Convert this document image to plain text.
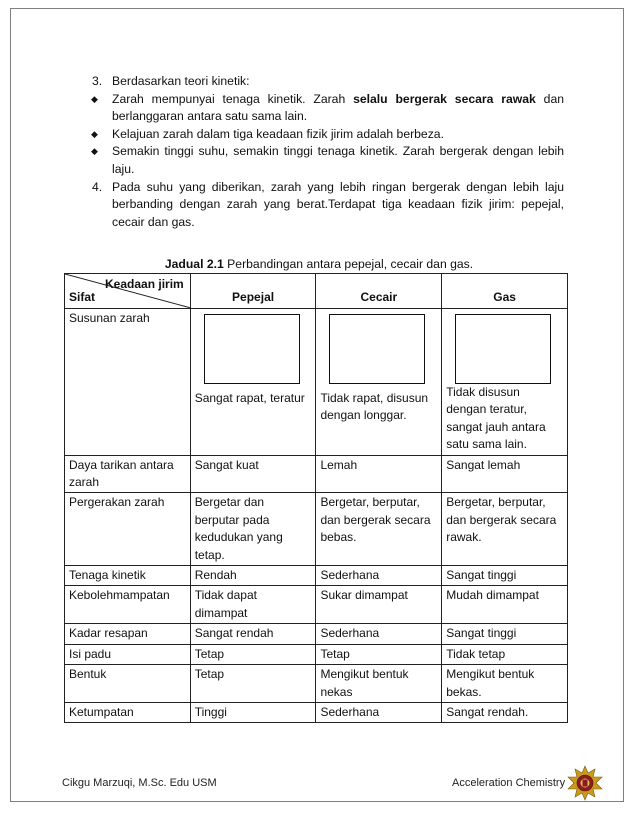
3. Berdasarkan teori kinetik:
◆ Zarah mempunyai tenaga kinetik. Zarah selalu bergerak secara rawak dan berlanggaran antara satu sama lain.
◆ Kelajuan zarah dalam tiga keadaan fizik jirim adalah berbeza.
◆ Semakin tinggi suhu, semakin tinggi tenaga kinetik. Zarah bergerak dengan lebih laju.
4. Pada suhu yang diberikan, zarah yang lebih ringan bergerak dengan lebih laju berbanding dengan zarah yang berat.Terdapat tiga keadaan fizik jirim: pepejal, cecair dan gas.
Jadual 2.1 Perbandingan antara pepejal, cecair dan gas.
Keadaan jirim
Sifat	Pepejal	Cecair	Gas
Susunan zarah	Sangat rapat, teratur	Tidak rapat, disusun dengan longgar.	Tidak disusun dengan teratur, sangat jauh antara satu sama lain.
Daya tarikan antara zarah	Sangat kuat	Lemah	Sangat lemah
Pergerakan zarah	Bergetar dan berputar pada kedudukan yang tetap.	Bergetar, berputar, dan bergerak secara bebas.	Bergetar, berputar, dan bergerak secara rawak.
Tenaga kinetik	Rendah	Sederhana	Sangat tinggi
Kebolehmampatan	Tidak dapat dimampat	Sukar dimampat	Mudah dimampat
Kadar resapan	Sangat rendah	Sederhana	Sangat tinggi
Isi padu	Tetap	Tetap	Tidak tetap
Bentuk	Tetap	Mengikut bentuk nekas	Mengikut bentuk bekas.
Ketumpatan	Tinggi	Sederhana	Sangat rendah.
Cikgu Marzuqi, M.Sc. Edu USM	Acceleration Chemistry
